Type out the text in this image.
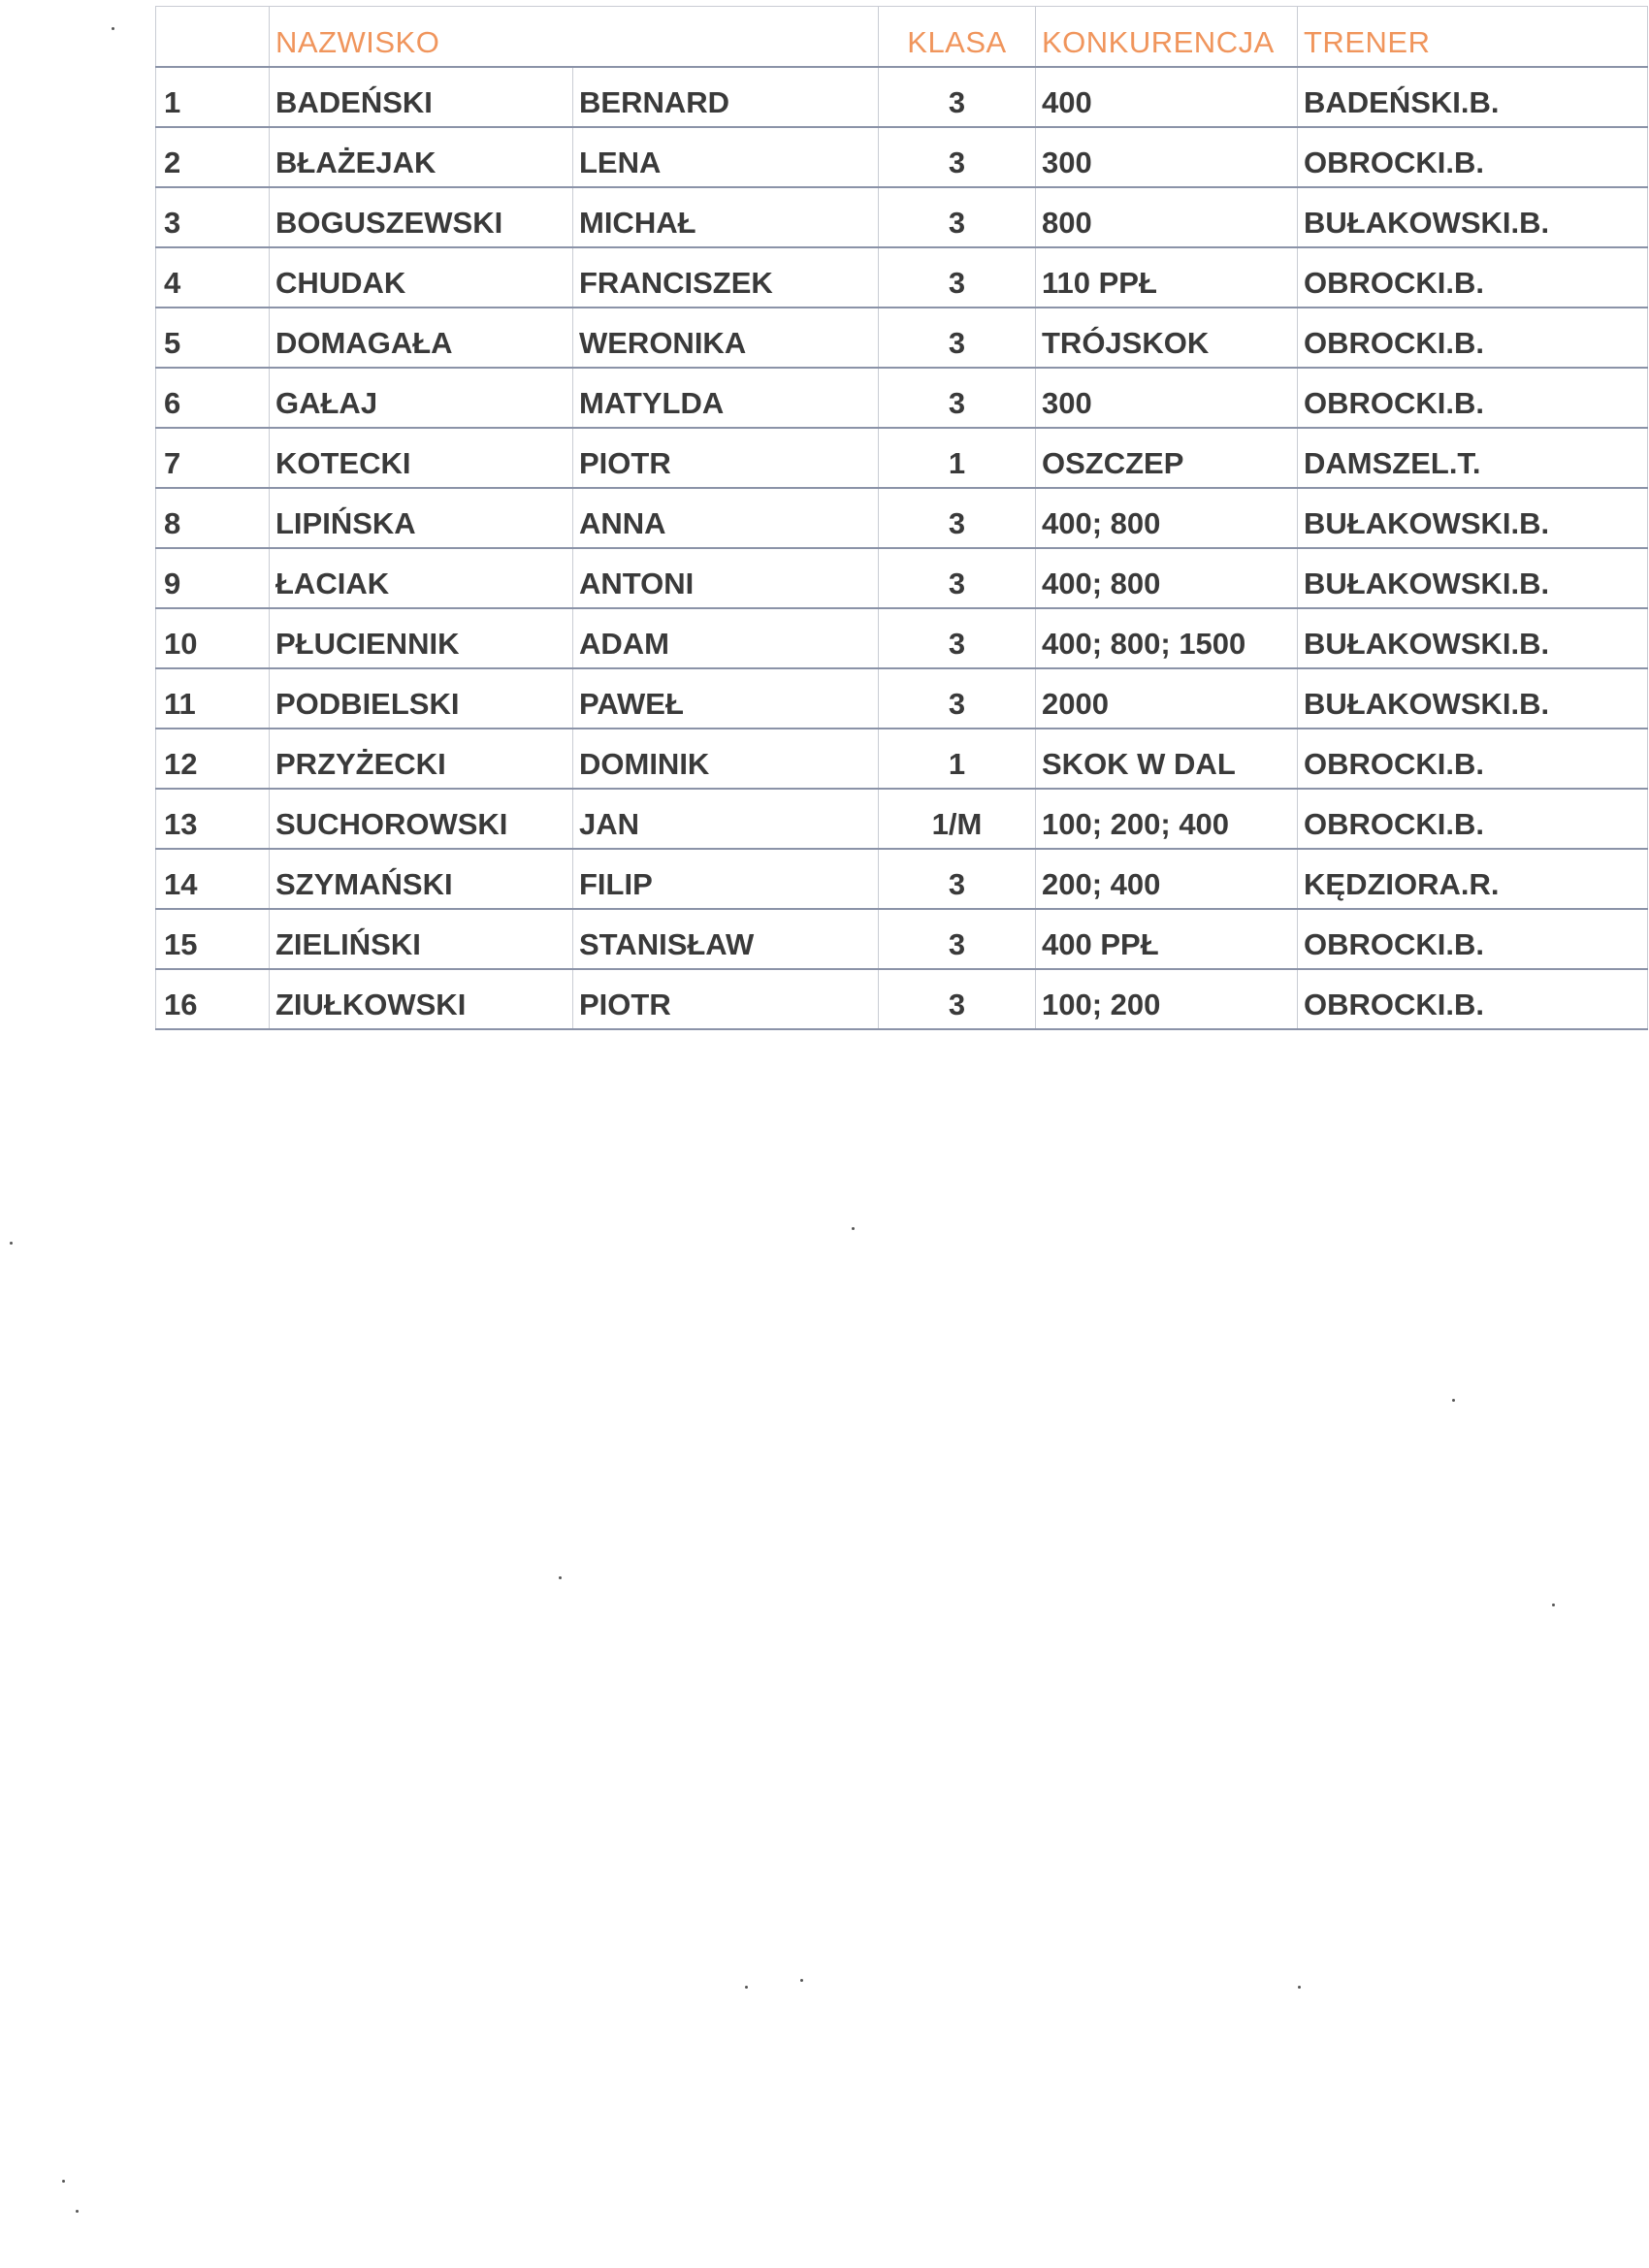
	NAZWISKO		KLASA	KONKURENCJA	TRENER
1	BADEŃSKI	BERNARD	3	400	BADEŃSKI.B.
2	BŁAŻEJAK	LENA	3	300	OBROCKI.B.
3	BOGUSZEWSKI	MICHAŁ	3	800	BUŁAKOWSKI.B.
4	CHUDAK	FRANCISZEK	3	110 PPŁ	OBROCKI.B.
5	DOMAGAŁA	WERONIKA	3	TRÓJSKOK	OBROCKI.B.
6	GAŁAJ	MATYLDA	3	300	OBROCKI.B.
7	KOTECKI	PIOTR	1	OSZCZEP	DAMSZEL.T.
8	LIPIŃSKA	ANNA	3	400; 800	BUŁAKOWSKI.B.
9	ŁACIAK	ANTONI	3	400; 800	BUŁAKOWSKI.B.
10	PŁUCIENNIK	ADAM	3	400; 800; 1500	BUŁAKOWSKI.B.
11	PODBIELSKI	PAWEŁ	3	2000	BUŁAKOWSKI.B.
12	PRZYŻECKI	DOMINIK	1	SKOK W DAL	OBROCKI.B.
13	SUCHOROWSKI	JAN	1/M	100; 200; 400	OBROCKI.B.
14	SZYMAŃSKI	FILIP	3	200; 400	KĘDZIORA.R.
15	ZIELIŃSKI	STANISŁAW	3	400 PPŁ	OBROCKI.B.
16	ZIUŁKOWSKI	PIOTR	3	100; 200	OBROCKI.B.
